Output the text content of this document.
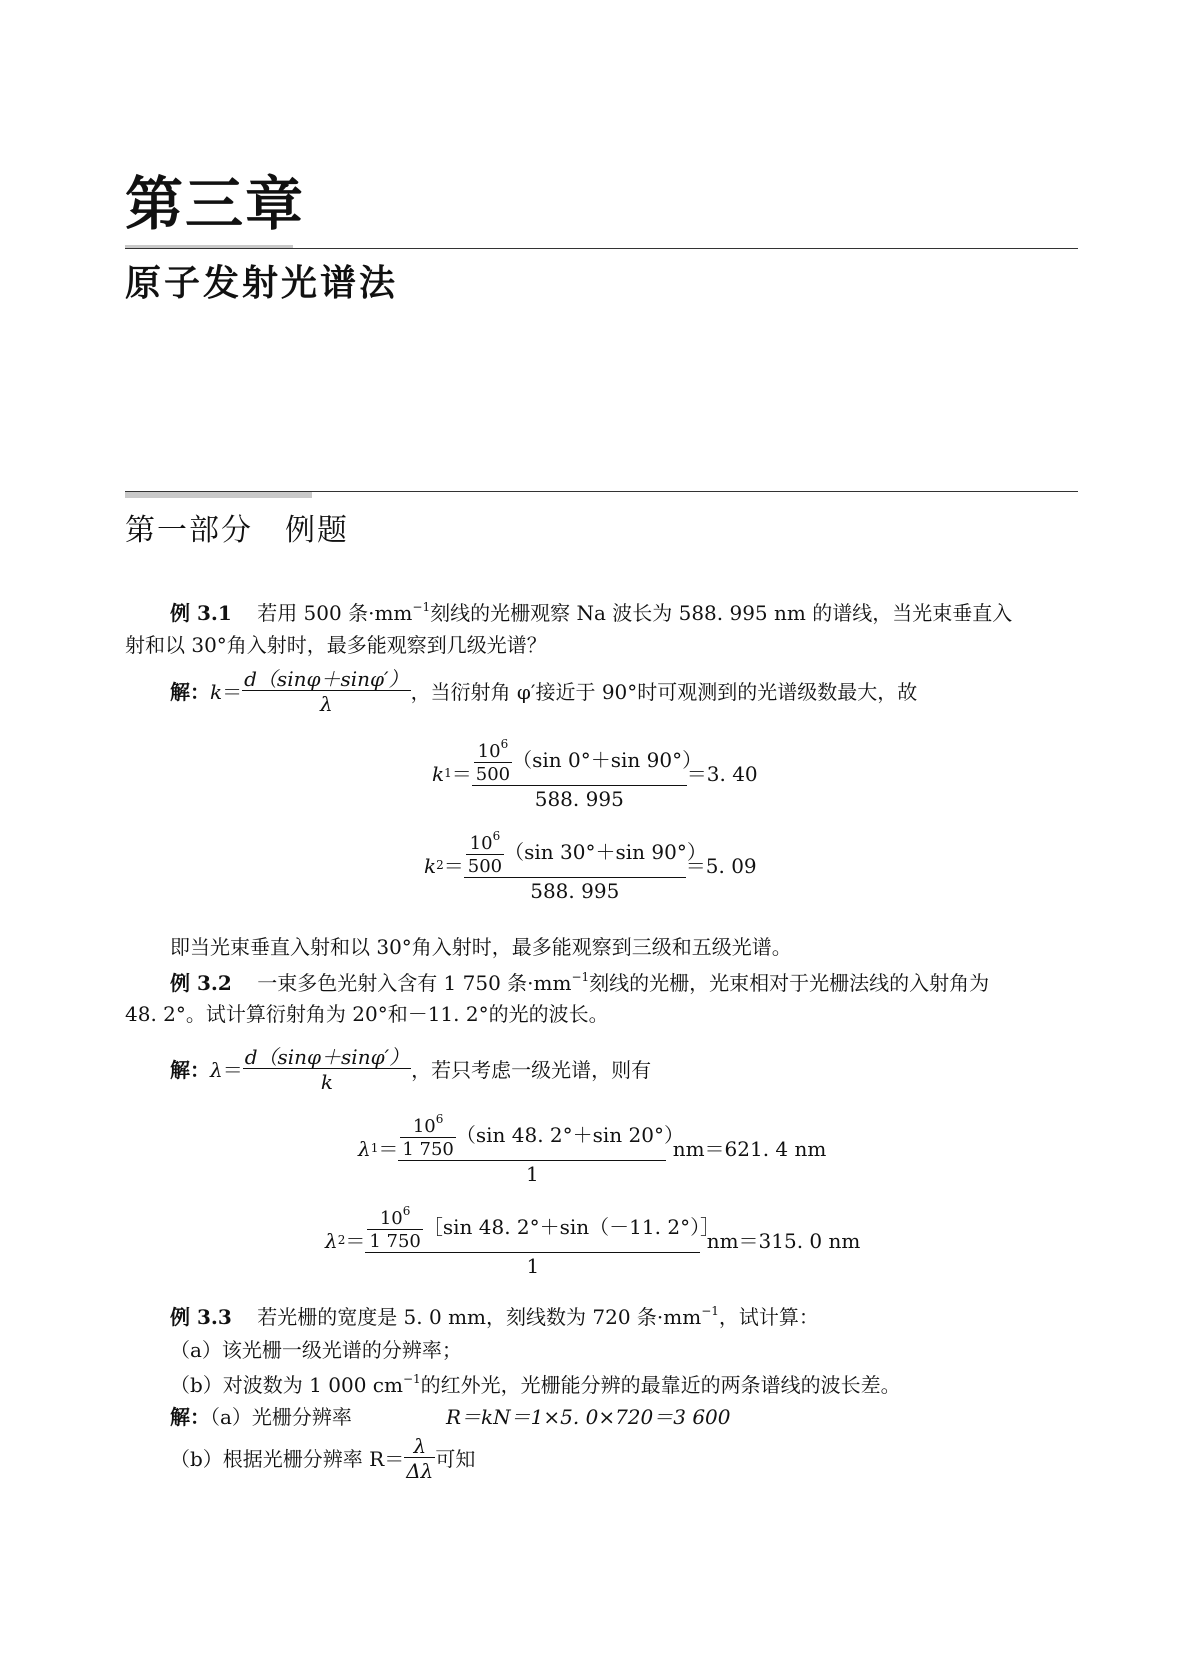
第三章
原子发射光谱法
第一部分　例题
例 3.1 若用 500 条$\cdot mm^{-1}$刻线的光栅观察 Na 波长为 588. 995 nm 的谱线，当光束垂直入
射和以 30°角入射时，最多能观察到几级光谱？
解： $k = \frac{d(\sin\varphi+\sin\varphi')}{\lambda}$ ，当衍射角 φ′接近于 90°时可观测到的光谱级数最大，故
k $1 = \frac{\frac{10^6}{500} (\sin 0^\circ+\sin 90^\circ)}{588. 995} =3$. 40
k $2 = \frac{\frac{10^6}{500} (\sin 30^\circ+\sin 90^\circ)}{588. 995} =5$. 09
即当光束垂直入射和以 30°角入射时，最多能观察到三级和五级光谱。
例 3.2 一束多色光射入含有 1 750 条$\cdot mm^{-1}$刻线的光栅，光束相对于光栅法线的入射角为
48. 2°。试计算衍射角为 20°和－11. 2°的光的波长。
解： $\lambda = \frac{d(\sin\varphi+\sin\varphi')}{k}$ ，若只考虑一级光谱，则有
λ $1 = \frac{\frac{10^6}{1 750} (\sin 48. 2^\circ+\sin 20^\circ)}{1}$
nm＝621. 4 nm
λ $2 = \frac{\frac{10^6}{1 750} [\sin 48. 2^\circ+\sin(-11. 2^\circ)]}{1}$
nm＝315. 0 nm
例 3.3 若光栅的宽度是 5. 0 mm，刻线数为 720 条$\cdot mm^{-1}$，试计算：
（a）该光栅一级光谱的分辨率；
（b）对波数为 1 000 $cm^{-1}$的红外光，光栅能分辨的最靠近的两条谱线的波长差。
解：（a）光栅分辨率	R＝kN＝1×5. 0×720＝3 600
（b）根据光栅分辨率 $R= \frac{\lambda}{\Delta\lambda}$ 可知
